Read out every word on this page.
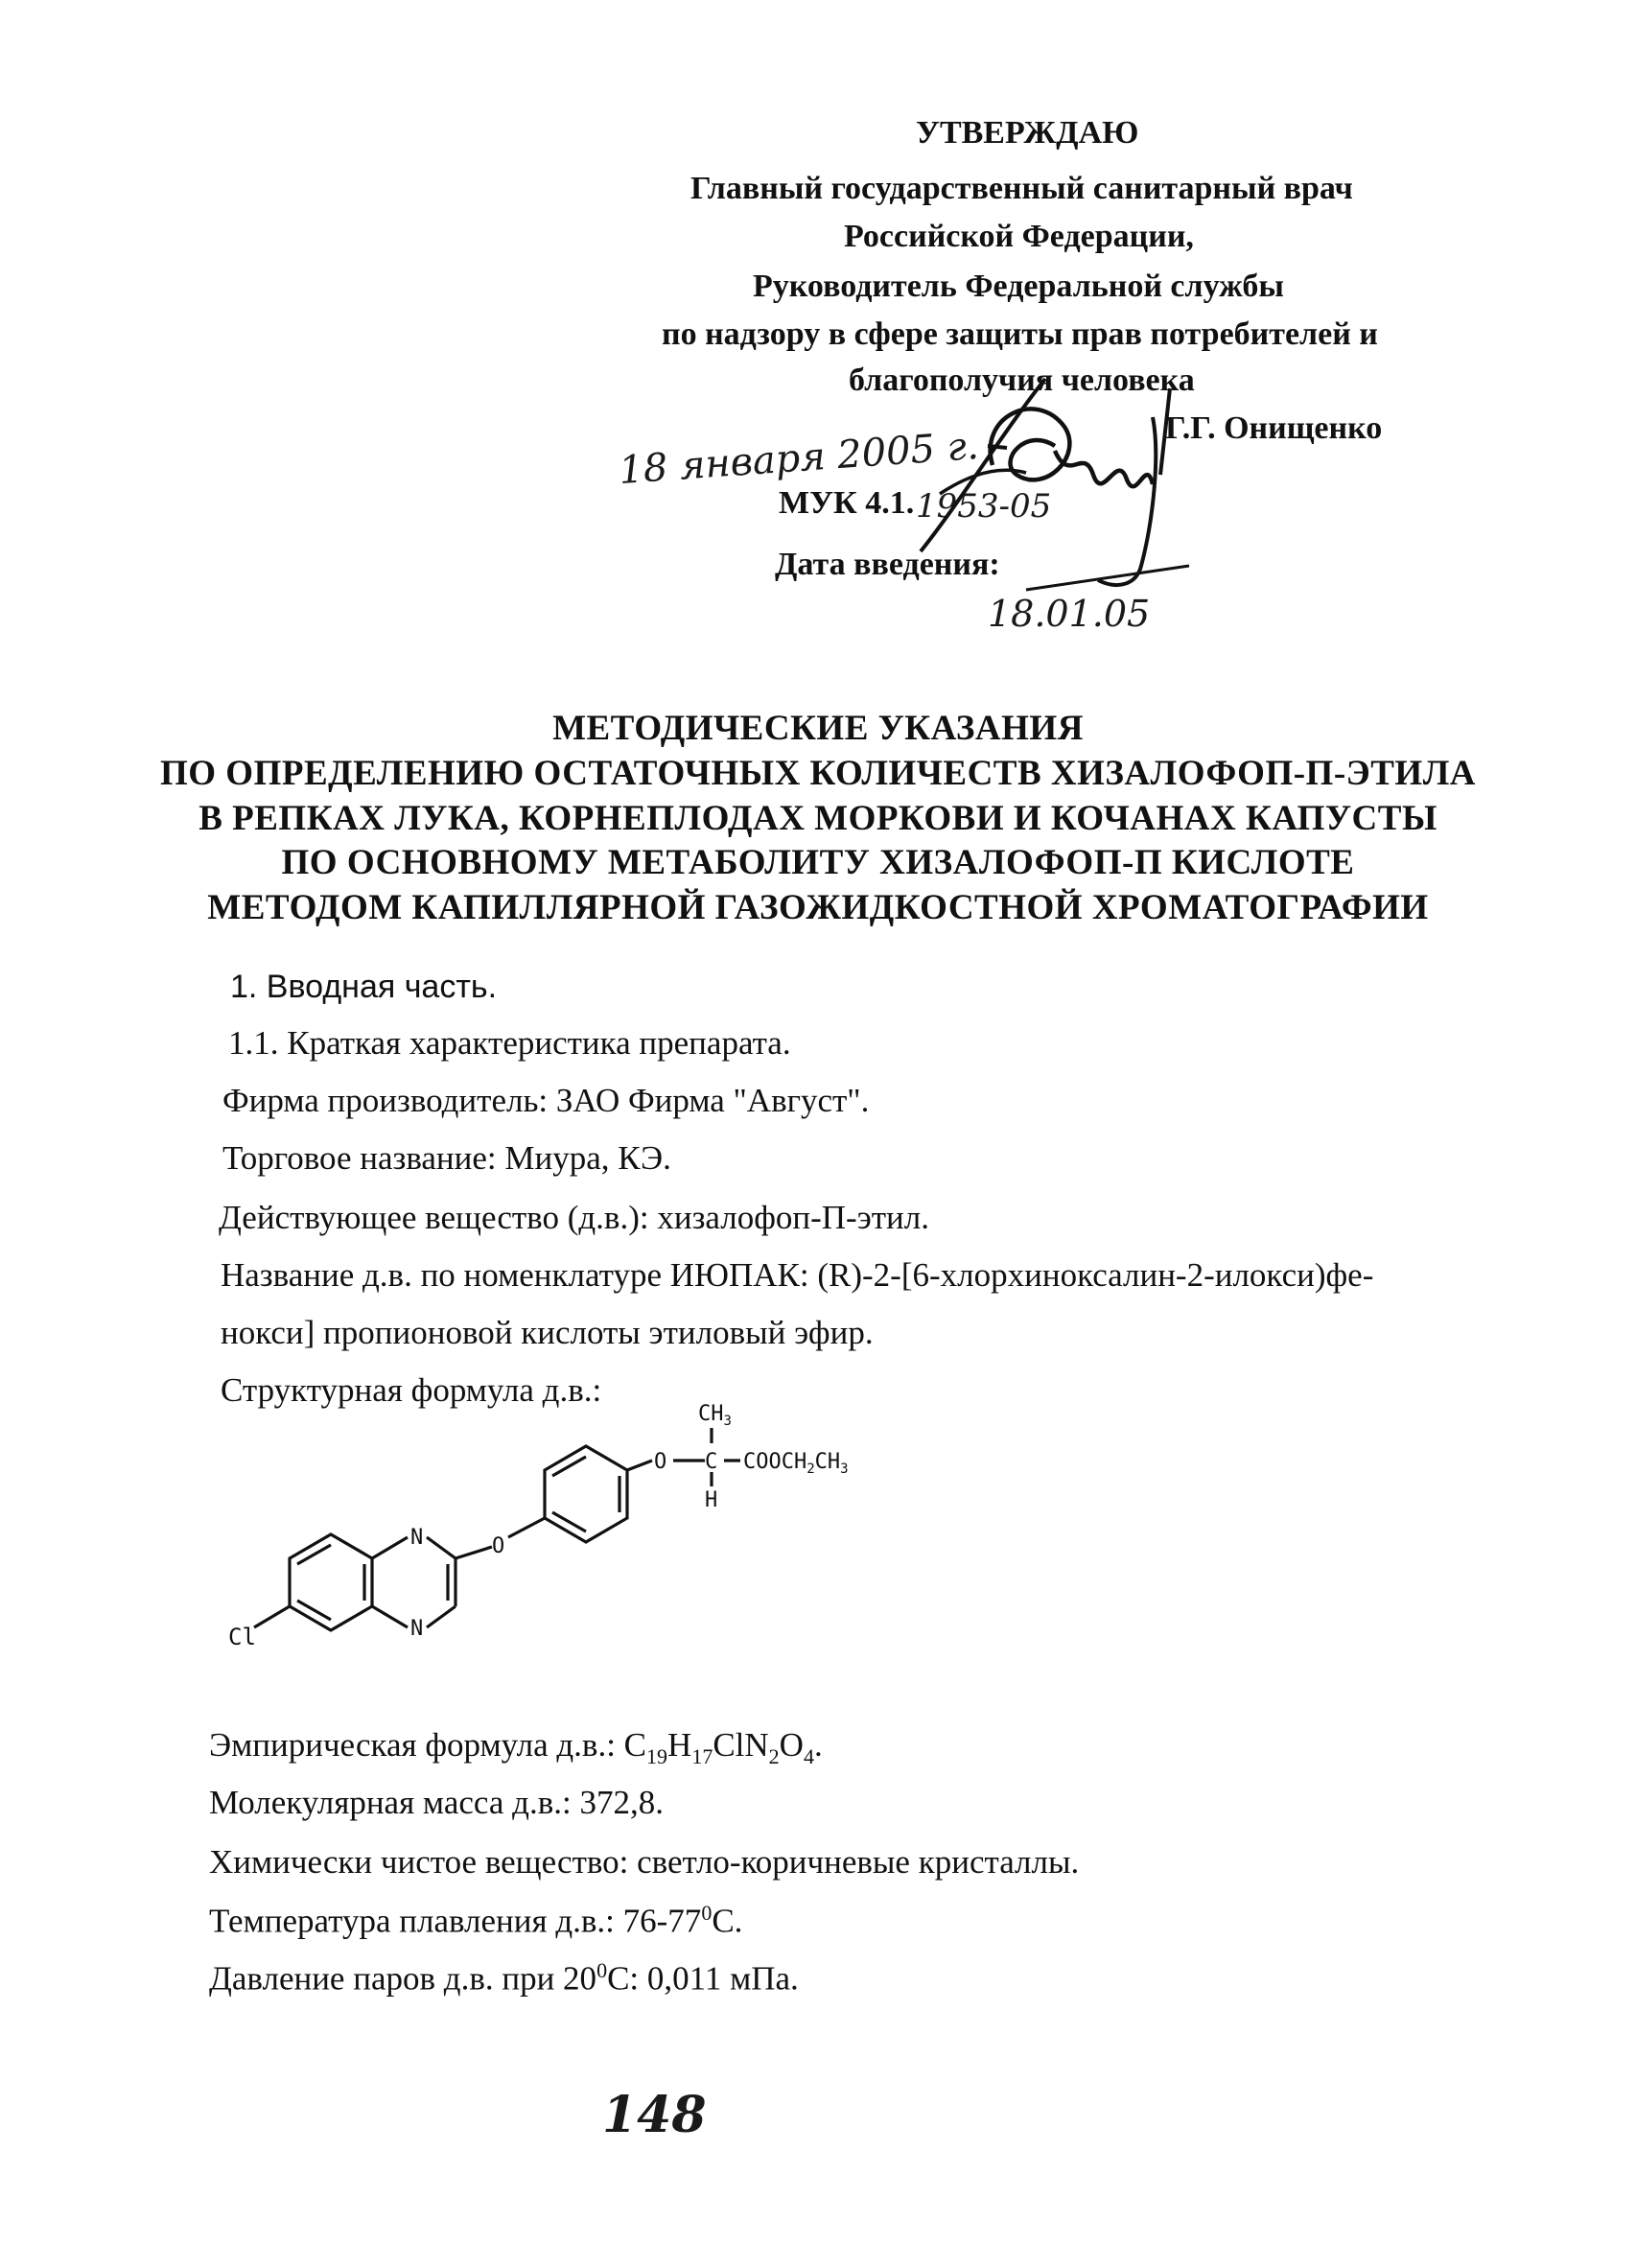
УТВЕРЖДАЮ
Главный государственный санитарный врач
Российской Федерации,
Руководитель Федеральной службы
по надзору в сфере защиты прав потребителей и
благополучия человека
Г.Г. Онищенко
18 января 2005 г.
МУК 4.1. 1953-05
Дата введения:
18.01.05
МЕТОДИЧЕСКИЕ УКАЗАНИЯ
ПО ОПРЕДЕЛЕНИЮ ОСТАТОЧНЫХ КОЛИЧЕСТВ ХИЗАЛОФОП-П-ЭТИЛА
В РЕПКАХ ЛУКА, КОРНЕПЛОДАХ МОРКОВИ И КОЧАНАХ КАПУСТЫ
ПО ОСНОВНОМУ МЕТАБОЛИТУ ХИЗАЛОФОП-П КИСЛОТЕ
МЕТОДОМ КАПИЛЛЯРНОЙ ГАЗОЖИДКОСТНОЙ ХРОМАТОГРАФИИ
1. Вводная часть.
1.1. Краткая характеристика препарата.
Фирма производитель: ЗАО Фирма "Август".
Торговое название: Миура, КЭ.
Действующее вещество (д.в.): хизалофоп-П-этил.
Название д.в. по номенклатуре ИЮПАК: (R)-2-[6-хлорхиноксалин-2-илокси)фе-
нокси] пропионовой кислоты этиловый эфир.
Структурная формула д.в.:
$CH_3$
O C $COOCH_2CH_3$
H
O
N
N
Cl
Эмпирическая формула д.в.: $C_{19}H_{17}ClN_2O_4$.
Молекулярная масса д.в.: 372,8.
Химически чистое вещество: светло-коричневые кристаллы.
Температура плавления д.в.: $76-77^0С$.
Давление паров д.в. при $20^0С$: 0,011 мПа.
148
